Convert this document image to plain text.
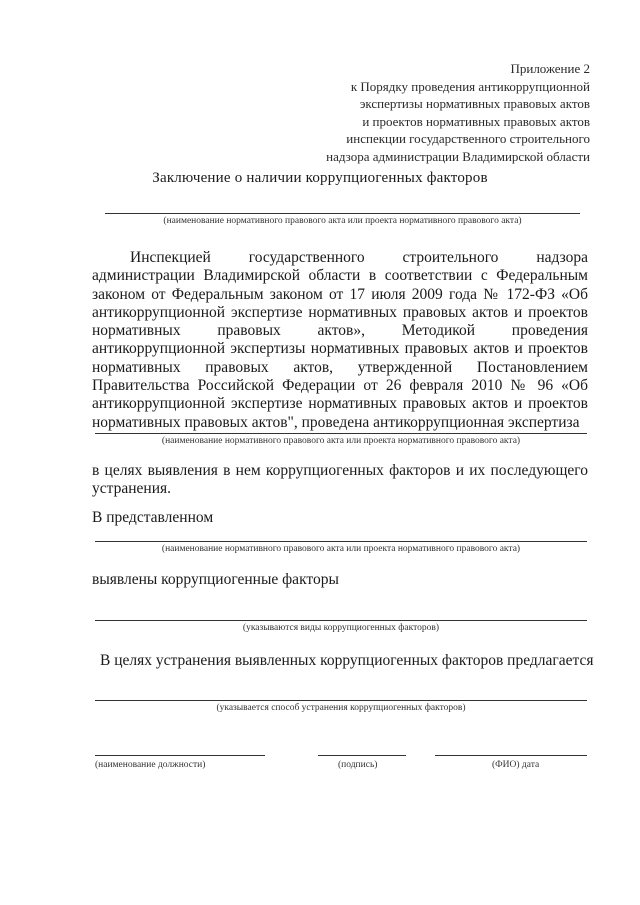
Приложение 2
к Порядку проведения антикоррупционной
экспертизы нормативных правовых актов
и проектов нормативных правовых актов
инспекции государственного строительного
надзора администрации Владимирской области
Заключение о наличии коррупциогенных факторов
(наименование нормативного правового акта или проекта нормативного правового акта)
Инспекцией государственного строительного надзора администрации Владимирской области в соответствии с Федеральным законом от Федеральным законом от 17 июля 2009 года № 172-ФЗ «Об антикоррупционной экспертизе нормативных правовых актов и проектов нормативных правовых актов», Методикой проведения антикоррупционной экспертизы нормативных правовых актов и проектов нормативных правовых актов, утвержденной Постановлением Правительства Российской Федерации от 26 февраля 2010 № 96 «Об антикоррупционной экспертизе нормативных правовых актов и проектов нормативных правовых актов", проведена антикоррупционная экспертиза
(наименование нормативного правового акта или проекта нормативного правового акта)
в целях выявления в нем коррупциогенных факторов и их последующего устранения.
В представленном
(наименование нормативного правового акта или проекта нормативного правового акта)
выявлены коррупциогенные факторы
(указываются виды коррупциогенных факторов)
В целях устранения выявленных коррупциогенных факторов предлагается
(указывается способ устранения коррупциогенных факторов)
(наименование должности)	(подпись)	(ФИО) дата
